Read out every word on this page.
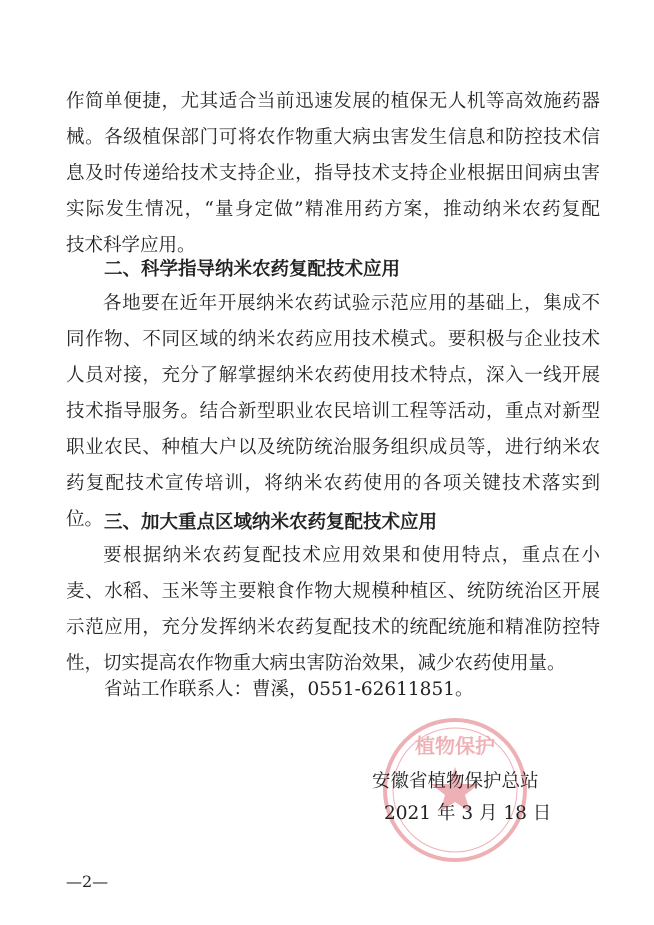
作简单便捷，尤其适合当前迅速发展的植保无人机等高效施药器
械。各级植保部门可将农作物重大病虫害发生信息和防控技术信
息及时传递给技术支持企业，指导技术支持企业根据田间病虫害
实际发生情况，“量身定做”精准用药方案，推动纳米农药复配
技术科学应用。
二、科学指导纳米农药复配技术应用
各地要在近年开展纳米农药试验示范应用的基础上，集成不
同作物、不同区域的纳米农药应用技术模式。要积极与企业技术
人员对接，充分了解掌握纳米农药使用技术特点，深入一线开展
技术指导服务。结合新型职业农民培训工程等活动，重点对新型
职业农民、种植大户以及统防统治服务组织成员等，进行纳米农
药复配技术宣传培训，将纳米农药使用的各项关键技术落实到
位。 三、加大重点区域纳米农药复配技术应用
要根据纳米农药复配技术应用效果和使用特点，重点在小
麦、水稻、玉米等主要粮食作物大规模种植区、统防统治区开展
示范应用，充分发挥纳米农药复配技术的统配统施和精准防控特
性，切实提高农作物重大病虫害防治效果，减少农药使用量。
省站工作联系人：曹溪，0551-62611851。
植物保护
安徽省植物保护总站
2021 年 3 月 18 日
—2—
